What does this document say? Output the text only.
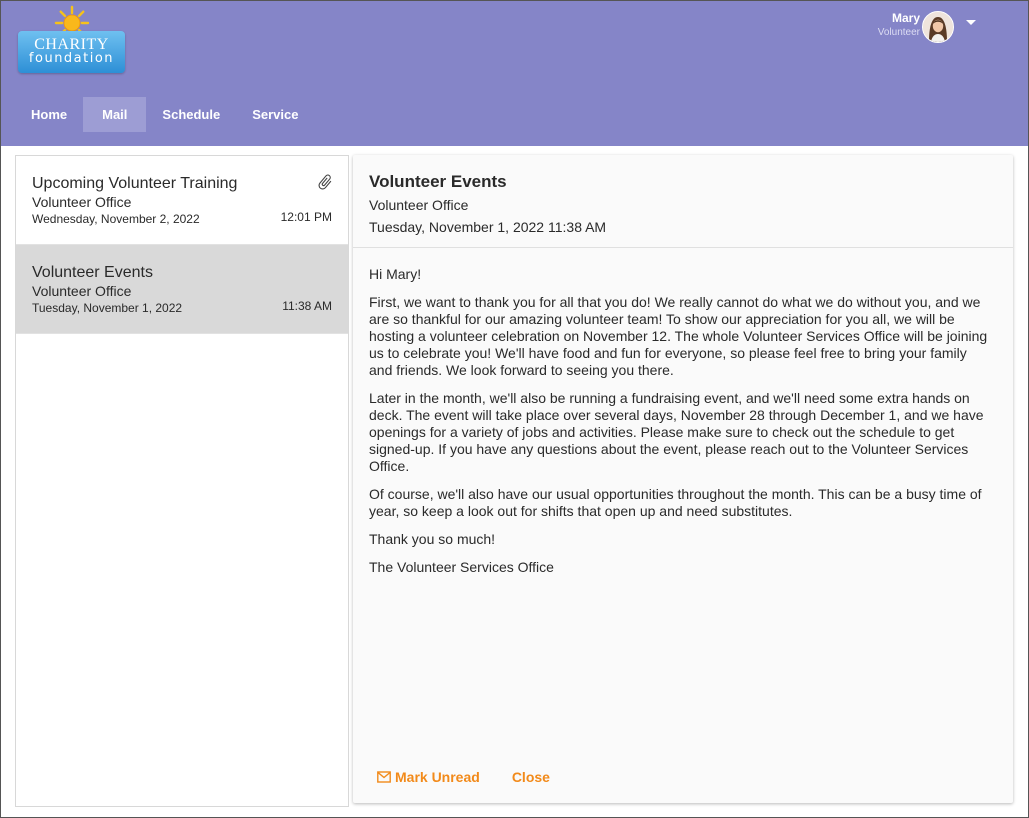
CHARITY
foundation
Mary
Volunteer
Home	Mail	Schedule	Service
Upcoming Volunteer Training
Volunteer Office
Wednesday, November 2, 2022	12:01 PM
Volunteer Events
Volunteer Office
Tuesday, November 1, 2022	11:38 AM
Volunteer Events
Volunteer Office
Tuesday, November 1, 2022 11:38 AM

Hi Mary!

First, we want to thank you for all that you do! We really cannot do what we do without you, and we are so thankful for our amazing volunteer team! To show our appreciation for you all, we will be hosting a volunteer celebration on November 12. The whole Volunteer Services Office will be joining us to celebrate you! We'll have food and fun for everyone, so please feel free to bring your family and friends. We look forward to seeing you there.

Later in the month, we'll also be running a fundraising event, and we'll need some extra hands on deck. The event will take place over several days, November 28 through December 1, and we have openings for a variety of jobs and activities. Please make sure to check out the schedule to get signed-up. If you have any questions about the event, please reach out to the Volunteer Services Office.

Of course, we'll also have our usual opportunities throughout the month. This can be a busy time of year, so keep a look out for shifts that open up and need substitutes.

Thank you so much!

The Volunteer Services Office

Mark Unread Close
